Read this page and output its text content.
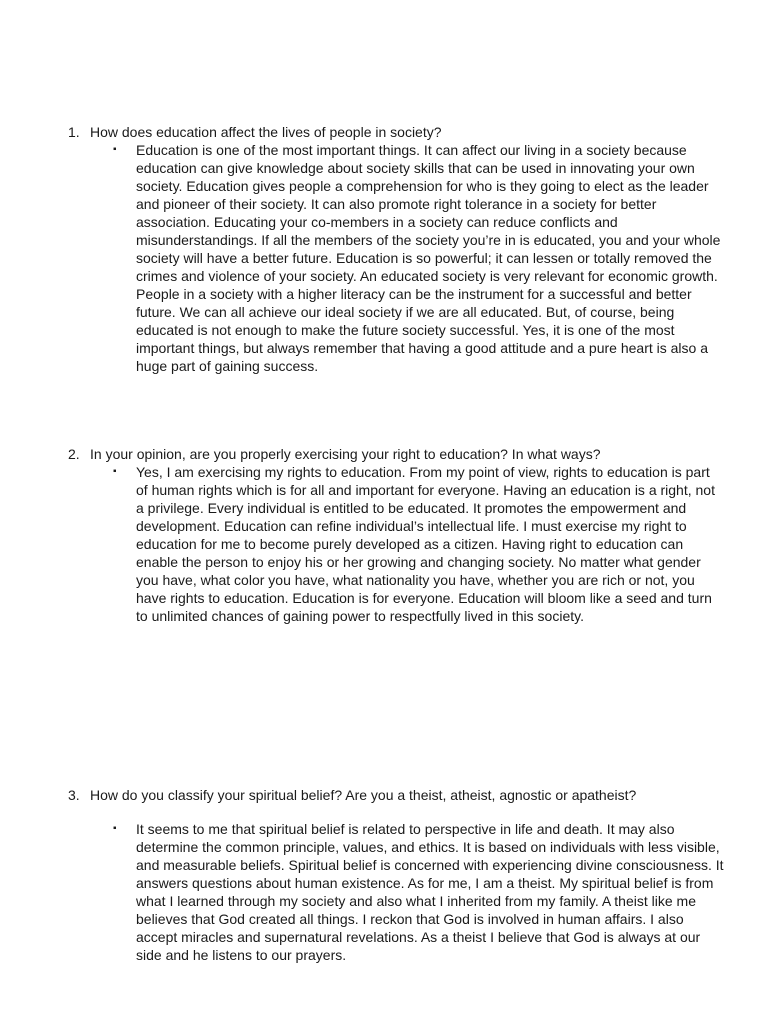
1. How does education affect the lives of people in society?
▪ Education is one of the most important things. It can affect our living in a society because education can give knowledge about society skills that can be used in innovating your own society. Education gives people a comprehension for who is they going to elect as the leader and pioneer of their society. It can also promote right tolerance in a society for better association. Educating your co-members in a society can reduce conflicts and misunderstandings. If all the members of the society you’re in is educated, you and your whole society will have a better future. Education is so powerful; it can lessen or totally removed the crimes and violence of your society. An educated society is very relevant for economic growth. People in a society with a higher literacy can be the instrument for a successful and better future. We can all achieve our ideal society if we are all educated. But, of course, being educated is not enough to make the future society successful. Yes, it is one of the most important things, but always remember that having a good attitude and a pure heart is also a huge part of gaining success.
2. In your opinion, are you properly exercising your right to education? In what ways?
▪ Yes, I am exercising my rights to education. From my point of view, rights to education is part of human rights which is for all and important for everyone. Having an education is a right, not a privilege. Every individual is entitled to be educated. It promotes the empowerment and development. Education can refine individual’s intellectual life. I must exercise my right to education for me to become purely developed as a citizen. Having right to education can enable the person to enjoy his or her growing and changing society. No matter what gender you have, what color you have, what nationality you have, whether you are rich or not, you have rights to education. Education is for everyone. Education will bloom like a seed and turn to unlimited chances of gaining power to respectfully lived in this society.
3. How do you classify your spiritual belief? Are you a theist, atheist, agnostic or apatheist?
▪ It seems to me that spiritual belief is related to perspective in life and death. It may also determine the common principle, values, and ethics. It is based on individuals with less visible, and measurable beliefs. Spiritual belief is concerned with experiencing divine consciousness. It answers questions about human existence. As for me, I am a theist. My spiritual belief is from what I learned through my society and also what I inherited from my family. A theist like me believes that God created all things. I reckon that God is involved in human affairs. I also accept miracles and supernatural revelations. As a theist I believe that God is always at our side and he listens to our prayers.
